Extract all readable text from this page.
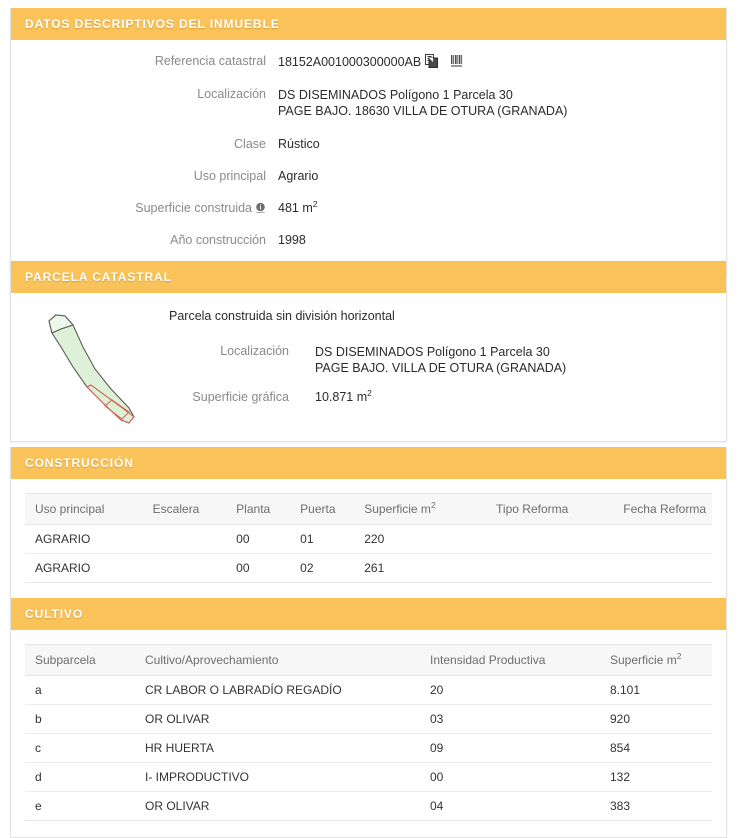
DATOS DESCRIPTIVOS DEL INMUEBLE
Referencia catastral	18152A001000300000AB
Localización	DS DISEMINADOS Polígono 1 Parcela 30
PAGE BAJO. 18630 VILLA DE OTURA (GRANADA)

Clase	Rústico
Uso principal	Agrario
Superficie construida	481 $m^2$
Año construcción	1998
PARCELA CATASTRAL
Parcela construida sin división horizontal
Localización	DS DISEMINADOS Polígono 1 Parcela 30
PAGE BAJO. VILLA DE OTURA (GRANADA)

Superficie gráfica	10.871 $m^2$
CONSTRUCCIÓN
Uso principal	Escalera	Planta	Puerta	Superficie $m^2$	Tipo Reforma	Fecha Reforma
AGRARIO		00	01	220		
AGRARIO		00	02	261		
CULTIVO
Subparcela	Cultivo/Aprovechamiento	Intensidad Productiva	Superficie $m^2$
a	CR LABOR O LABRADÍO REGADÍO	20	8.101
b	OR OLIVAR	03	920
c	HR HUERTA	09	854
d	I- IMPRODUCTIVO	00	132
e	OR OLIVAR	04	383
